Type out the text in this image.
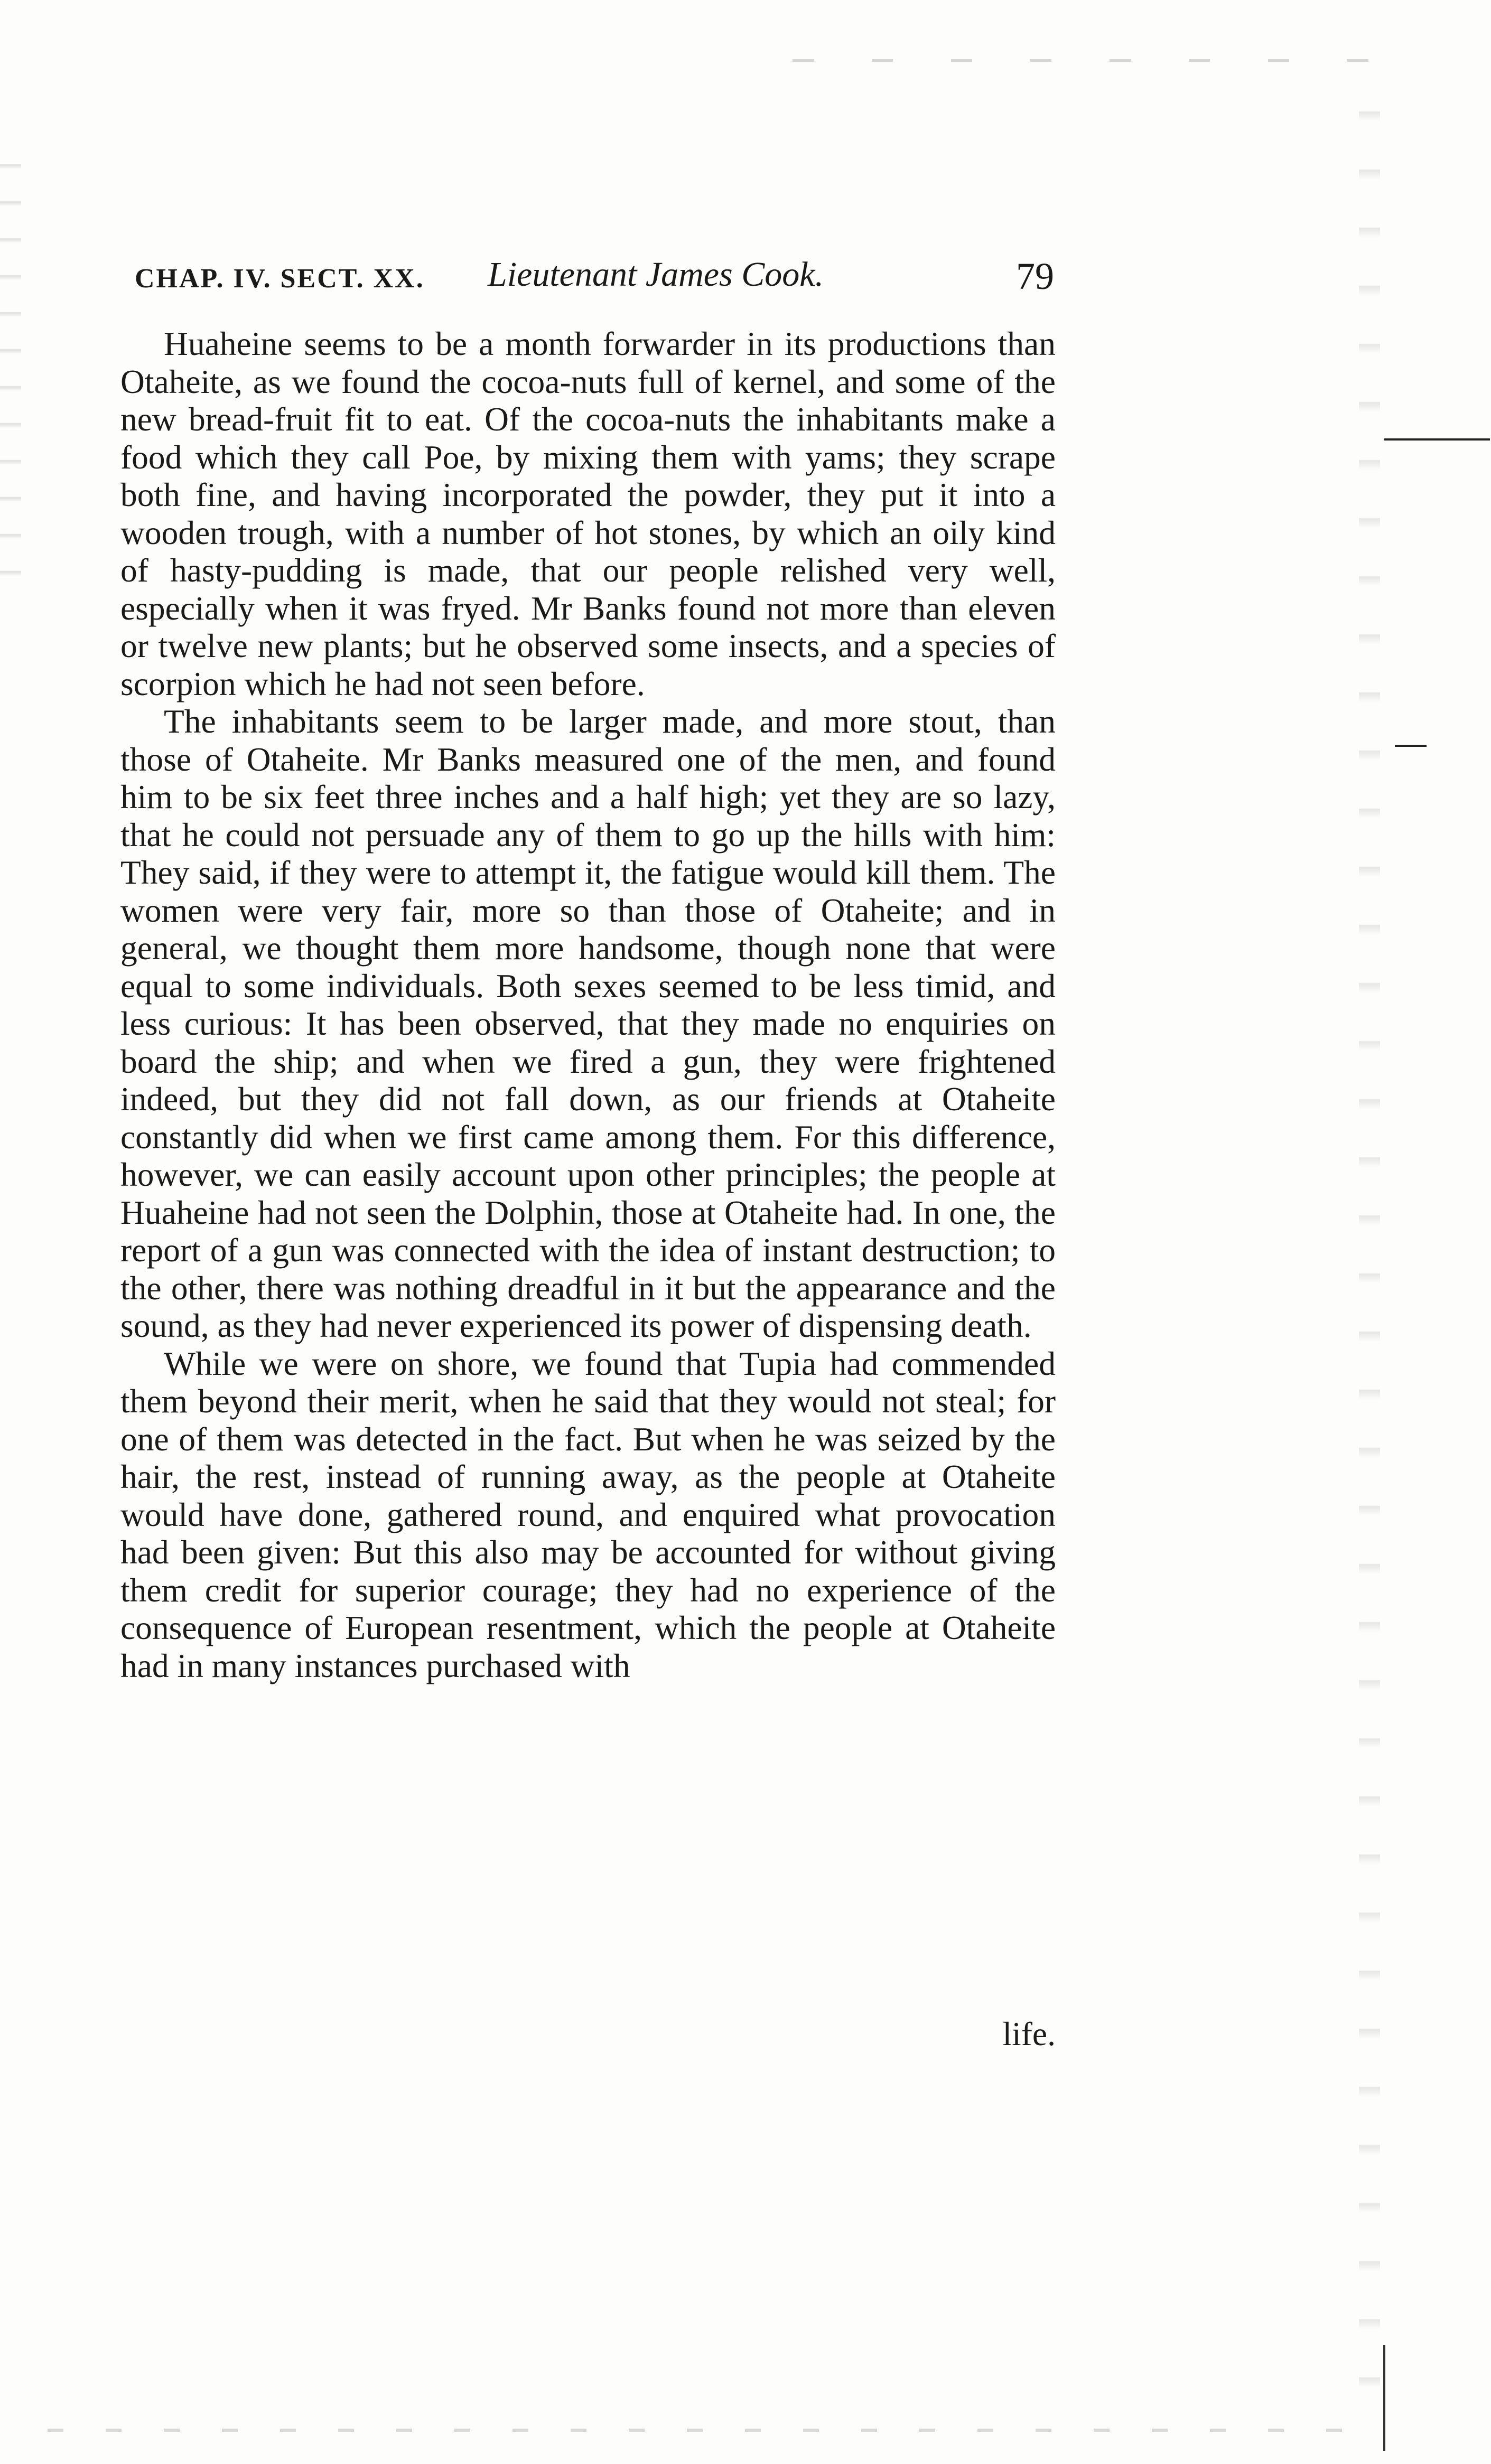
CHAP. IV. SECT. XX. Lieutenant James Cook.	79

Huaheine seems to be a month forwarder in its productions than Otaheite, as we found the cocoa-nuts full of kernel, and some of the new bread-fruit fit to eat. Of the cocoa-nuts the inhabitants make a food which they call Poe, by mixing them with yams; they scrape both fine, and having incorporated the powder, they put it into a wooden trough, with a number of hot stones, by which an oily kind of hasty-pudding is made, that our people relished very well, especially when it was fryed. Mr Banks found not more than eleven or twelve new plants; but he observed some insects, and a species of scorpion which he had not seen before.

The inhabitants seem to be larger made, and more stout, than those of Otaheite. Mr Banks measured one of the men, and found him to be six feet three inches and a half high; yet they are so lazy, that he could not persuade any of them to go up the hills with him: They said, if they were to attempt it, the fatigue would kill them. The women were very fair, more so than those of Otaheite; and in general, we thought them more handsome, though none that were equal to some individuals. Both sexes seemed to be less timid, and less curious: It has been observed, that they made no enquiries on board the ship; and when we fired a gun, they were frightened indeed, but they did not fall down, as our friends at Otaheite constantly did when we first came among them. For this difference, however, we can easily account upon other principles; the people at Huaheine had not seen the Dolphin, those at Otaheite had. In one, the report of a gun was connected with the idea of instant destruction; to the other, there was nothing dreadful in it but the appearance and the sound, as they had never experienced its power of dispensing death.

While we were on shore, we found that Tupia had commended them beyond their merit, when he said that they would not steal; for one of them was detected in the fact. But when he was seized by the hair, the rest, instead of running away, as the people at Otaheite would have done, gathered round, and enquired what provocation had been given: But this also may be accounted for without giving them credit for superior courage; they had no experience of the consequence of European resentment, which the people at Otaheite had in many instances purchased with

life.
